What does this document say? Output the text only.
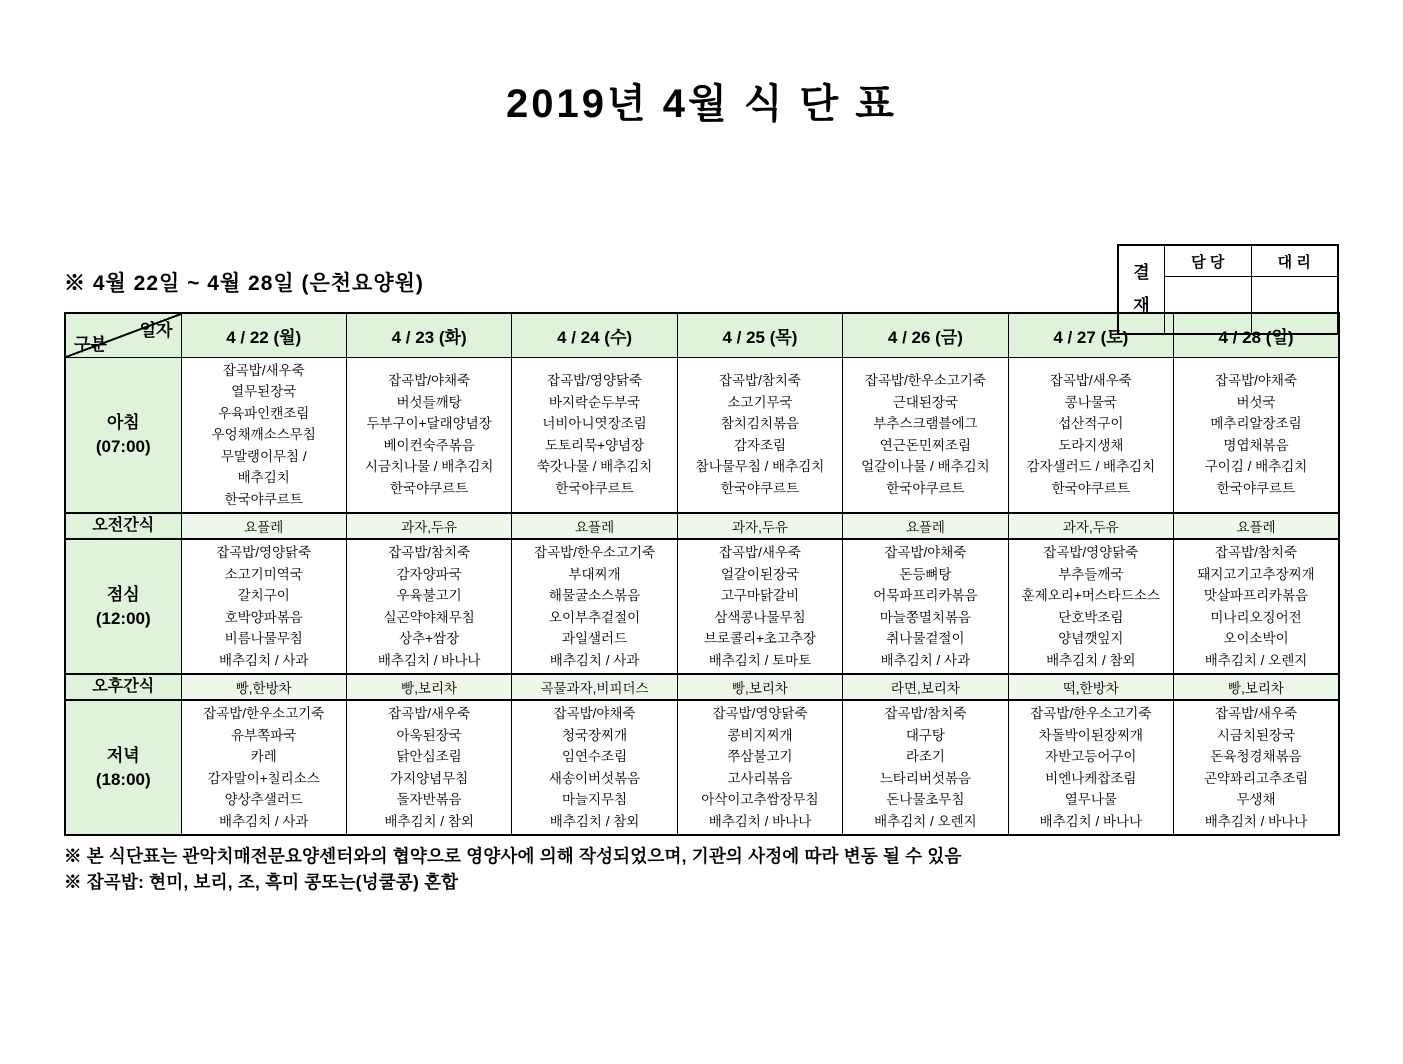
2019년 4월 식 단 표
결재
담 당	대 리
※ 4월 22일 ~ 4월 28일 (은천요양원)
일자
구분	4 / 22 (월)	4 / 23 (화)	4 / 24 (수)	4 / 25 (목)	4 / 26 (금)	4 / 27 (토)	4 / 28 (일)

아침
(07:00)

잡곡밥/새우죽
열무된장국
우육파인캔조림
우엉채깨소스무침
무말랭이무침 /
배추김치
한국야쿠르트

잡곡밥/야채죽
버섯들깨탕
두부구이+달래양념장
베이컨숙주볶음
시금치나물 / 배추김치
한국야쿠르트

잡곡밥/영양닭죽
바지락순두부국
너비아니엿장조림
도토리묵+양념장
쑥갓나물 / 배추김치
한국야쿠르트

잡곡밥/참치죽
소고기무국
참치김치볶음
감자조림
참나물무침 / 배추김치
한국야쿠르트

잡곡밥/한우소고기죽
근대된장국
부추스크램블에그
연근돈민찌조림
얼갈이나물 / 배추김치
한국야쿠르트

잡곡밥/새우죽
콩나물국
섭산적구이
도라지생채
감자샐러드 / 배추김치
한국야쿠르트

잡곡밥/야채죽
버섯국
메추리알장조림
명엽채볶음
구이김 / 배추김치
한국야쿠르트

오전간식	요플레	과자,두유	요플레	과자,두유	요플레	과자,두유	요플레

점심
(12:00)

잡곡밥/영양닭죽
소고기미역국
갈치구이
호박양파볶음
비름나물무침
배추김치 / 사과

잡곡밥/참치죽
감자양파국
우육불고기
실곤약야채무침
상추+쌈장
배추김치 / 바나나

잡곡밥/한우소고기죽
부대찌개
해물굴소스볶음
오이부추겉절이
과일샐러드
배추김치 / 사과

잡곡밥/새우죽
얼갈이된장국
고구마닭갈비
삼색콩나물무침
브로콜리+초고추장
배추김치 / 토마토

잡곡밥/야채죽
돈등뼈탕
어묵파프리카볶음
마늘쫑멸치볶음
취나물겉절이
배추김치 / 사과

잡곡밥/영양닭죽
부추들깨국
훈제오리+머스타드소스
단호박조림
양념깻잎지
배추김치 / 참외

잡곡밥/참치죽
돼지고기고추장찌개
맛살파프리카볶음
미나리오징어전
오이소박이
배추김치 / 오렌지

오후간식	빵,한방차	빵,보리차	곡물과자,비피더스	빵,보리차	라면,보리차	떡,한방차	빵,보리차

저녁
(18:00)

잡곡밥/한우소고기죽
유부쪽파국
카레
감자말이+칠리소스
양상추샐러드
배추김치 / 사과

잡곡밥/새우죽
아욱된장국
닭안심조림
가지양념무침
돌자반볶음
배추김치 / 참외

잡곡밥/야채죽
청국장찌개
임연수조림
새송이버섯볶음
마늘지무침
배추김치 / 참외

잡곡밥/영양닭죽
콩비지찌개
쭈삼불고기
고사리볶음
아삭이고추쌈장무침
배추김치 / 바나나

잡곡밥/참치죽
대구탕
라조기
느타리버섯볶음
돈나물초무침
배추김치 / 오렌지

잡곡밥/한우소고기죽
차돌박이된장찌개
자반고등어구이
비엔나케찹조림
열무나물
배추김치 / 바나나

잡곡밥/새우죽
시금치된장국
돈육청경채볶음
곤약꽈리고추조림
무생채
배추김치 / 바나나
※ 본 식단표는 관악치매전문요양센터와의 협약으로 영양사에 의해 작성되었으며, 기관의 사정에 따라 변동 될 수 있음
※ 잡곡밥: 현미, 보리, 조, 흑미 콩또는(넝쿨콩) 혼합
